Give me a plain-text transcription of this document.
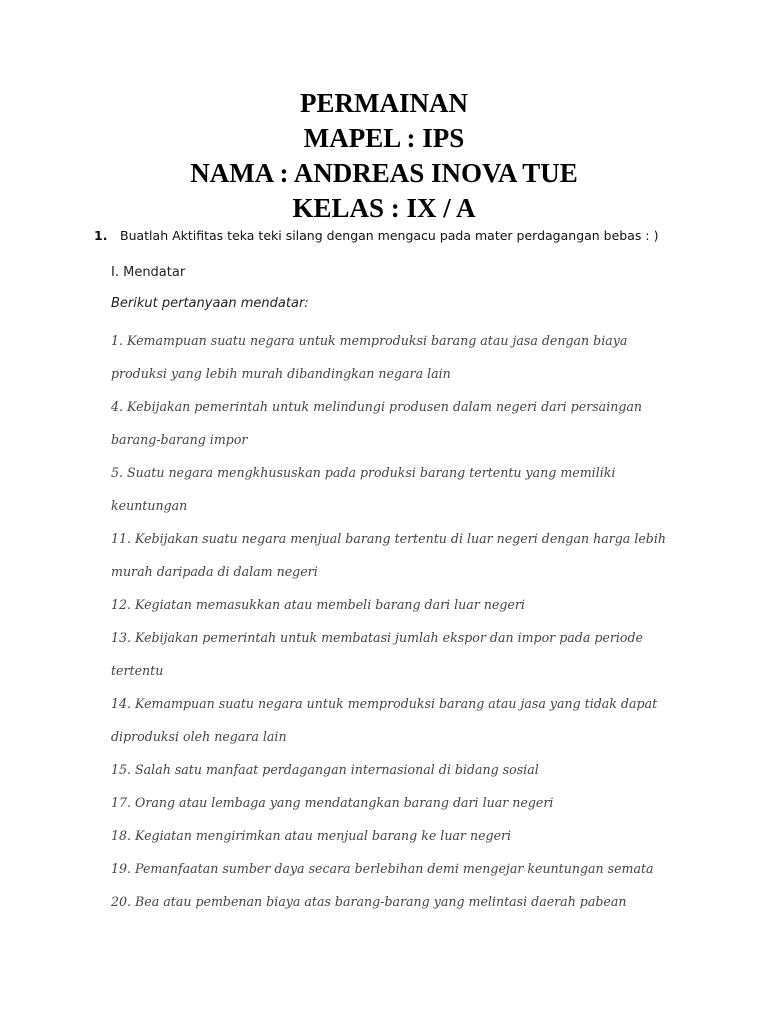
PERMAINAN
MAPEL : IPS
NAMA : ANDREAS INOVA TUE
KELAS : IX / A
1. Buatlah Aktifitas teka teki silang dengan mengacu pada mater perdagangan bebas : )
I. Mendatar
Berikut pertanyaan mendatar:
1. Kemampuan suatu negara untuk memproduksi barang atau jasa dengan biaya
produksi yang lebih murah dibandingkan negara lain
4. Kebijakan pemerintah untuk melindungi produsen dalam negeri dari persaingan
barang-barang impor
5. Suatu negara mengkhususkan pada produksi barang tertentu yang memiliki
keuntungan
11. Kebijakan suatu negara menjual barang tertentu di luar negeri dengan harga lebih
murah daripada di dalam negeri
12. Kegiatan memasukkan atau membeli barang dari luar negeri
13. Kebijakan pemerintah untuk membatasi jumlah ekspor dan impor pada periode
tertentu
14. Kemampuan suatu negara untuk memproduksi barang atau jasa yang tidak dapat
diproduksi oleh negara lain
15. Salah satu manfaat perdagangan internasional di bidang sosial
17. Orang atau lembaga yang mendatangkan barang dari luar negeri
18. Kegiatan mengirimkan atau menjual barang ke luar negeri
19. Pemanfaatan sumber daya secara berlebihan demi mengejar keuntungan semata
20. Bea atau pembenan biaya atas barang-barang yang melintasi daerah pabean
